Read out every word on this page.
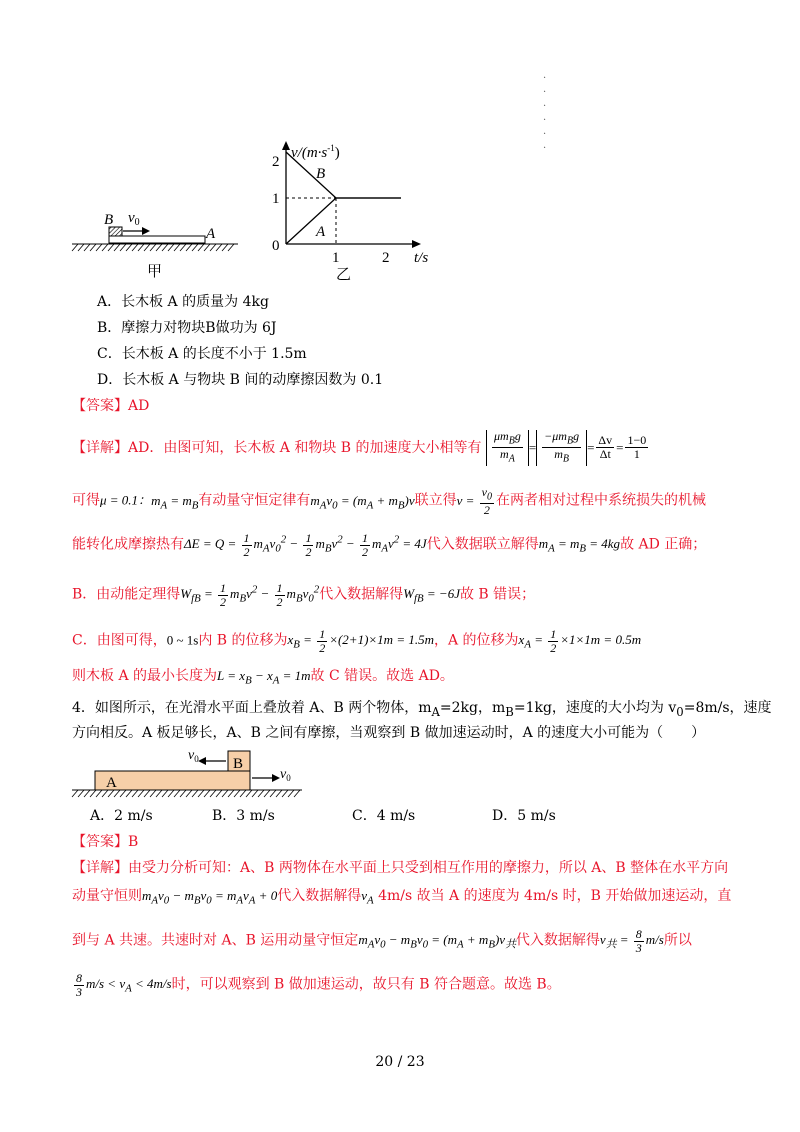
·
·
·
·
·
·
B $v_0$
A
甲
2
1
0
1	2 t/s
$v/(m\cdot s^{-1})$
B
A
乙
A．长木板 A 的质量为 4kg
B．摩擦力对物块B做功为 6J
C．长木板 A 的长度不小于 1.5m
D．长木板 A 与物块 B 间的动摩擦因数为 0.1
【答案】AD
【详解】AD．由图可知，长木板 A 和物块 B 的加速度大小相等有 $\frac{\mu m_Bg}{m_A} = \frac{-\mu m_Bg}{m_B} = \frac{\Delta v}{\Delta t} = \frac{1-0}{1}$
可得μ = 0.1：$m_A = m_B$有动量守恒定律有$m_Av_0 = (m_A + m_B)v$联立得$v = \frac{v_0}{2}$ 在两者相对过程中系统损失的机械
能转化成摩擦热有$\Delta E = Q = \frac{1}{2} m_Av_0^2 - \frac{1}{2} m_Bv^2 - \frac{1}{2} m_Av^2 = 4J$代入数据联立解得$m_A = m_B = 4kg$故 AD 正确；
B．由动能定理得$W_{fB} = \frac{1}{2} m_Bv^2 - \frac{1}{2} m_Bv_0^2$代入数据解得$W_{fB} = -6J$故 B 错误；
C．由图可得，0 ~ 1s内 B 的位移为$x_B = \frac{1}{2} \times(2+1)\times 1m = 1.5m$，A 的位移为$x_A = \frac{1}{2} \times 1\times 1m = 0.5m$
则木板 A 的最小长度为$L = x_B - x_A = 1m$故 C 错误。故选 AD。
4．如图所示，在光滑水平面上叠放着 A、B 两个物体，$m_A=2kg$，$m_B=1kg$，速度的大小均为 $v_0=8m/s$，速度
方向相反。A 板足够长，A、B 之间有摩擦，当观察到 B 做加速运动时，A 的速度大小可能为（　　）
A
B
$v_0$
$v_0$
A．2 m/s	B．3 m/s	C．4 m/s	D．5 m/s
【答案】B
【详解】由受力分析可知：A、B 两物体在水平面上只受到相互作用的摩擦力，所以 A、B 整体在水平方向
动量守恒则$m_Av_0 - m_Bv_0 = m_Av_A + 0$代入数据解得$v_A$ 4m/s 故当 A 的速度为 4m/s 时，B 开始做加速运动，直
到与 A 共速。共速时对 A、B 运用动量守恒定$m_Av_0 - m_Bv_0 = (m_A + m_B)v_共$代入数据解得$v_共 = \frac{8}{3} m/s$所以
$\frac{8}{3} m/s < v_A < 4m/s$时，可以观察到 B 做加速运动，故只有 B 符合题意。故选 B。
20 / 23
